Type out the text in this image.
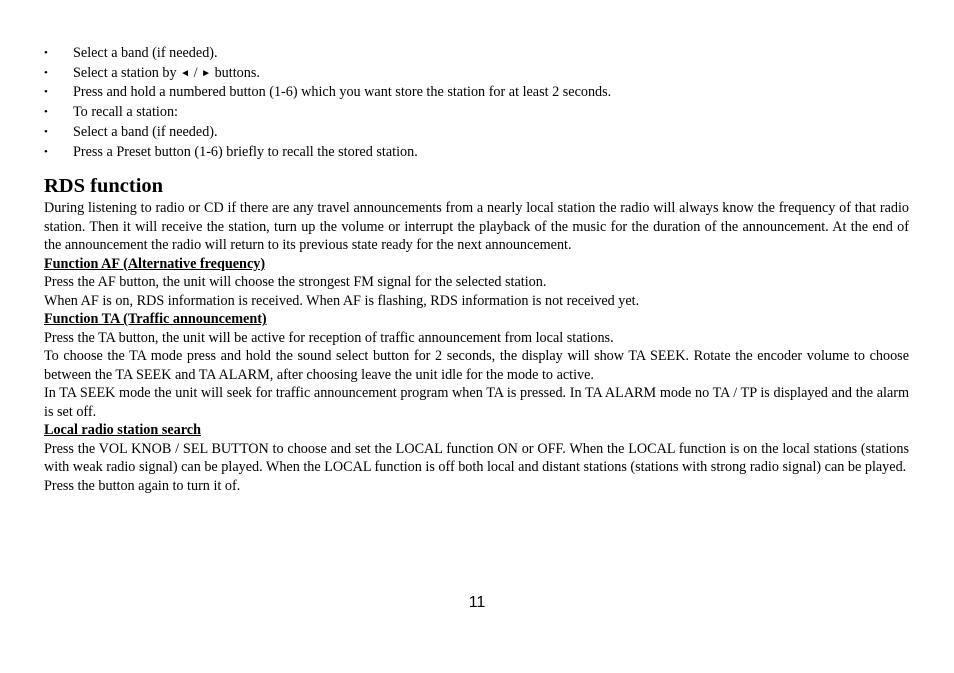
• Select a band (if needed).
• Select a station by ◄ / ► buttons.
• Press and hold a numbered button (1-6) which you want store the station for at least 2 seconds.
• To recall a station:
• Select a band (if needed).
• Press a Preset button (1-6) briefly to recall the stored station.
RDS function

During listening to radio or CD if there are any travel announcements from a nearly local station the radio will always know the frequency of that radio station. Then it will receive the station, turn up the volume or interrupt the playback of the music for the duration of the announcement. At the end of the announcement the radio will return to its previous state ready for the next announcement.

Function AF (Alternative frequency)

Press the AF button, the unit will choose the strongest FM signal for the selected station.

When AF is on, RDS information is received. When AF is flashing, RDS information is not received yet.

Function TA (Traffic announcement)

Press the TA button, the unit will be active for reception of traffic announcement from local stations.

To choose the TA mode press and hold the sound select button for 2 seconds, the display will show TA SEEK. Rotate the encoder volume to choose between the TA SEEK and TA ALARM, after choosing leave the unit idle for the mode to active.

In TA SEEK mode the unit will seek for traffic announcement program when TA is pressed. In TA ALARM mode no TA / TP is displayed and the alarm is set off.

Local radio station search

Press the VOL KNOB / SEL BUTTON to choose and set the LOCAL function ON or OFF. When the LOCAL function is on the local stations (stations with weak radio signal) can be played. When the LOCAL function is off both local and distant stations (stations with strong radio signal) can be played.

Press the button again to turn it of.

11
